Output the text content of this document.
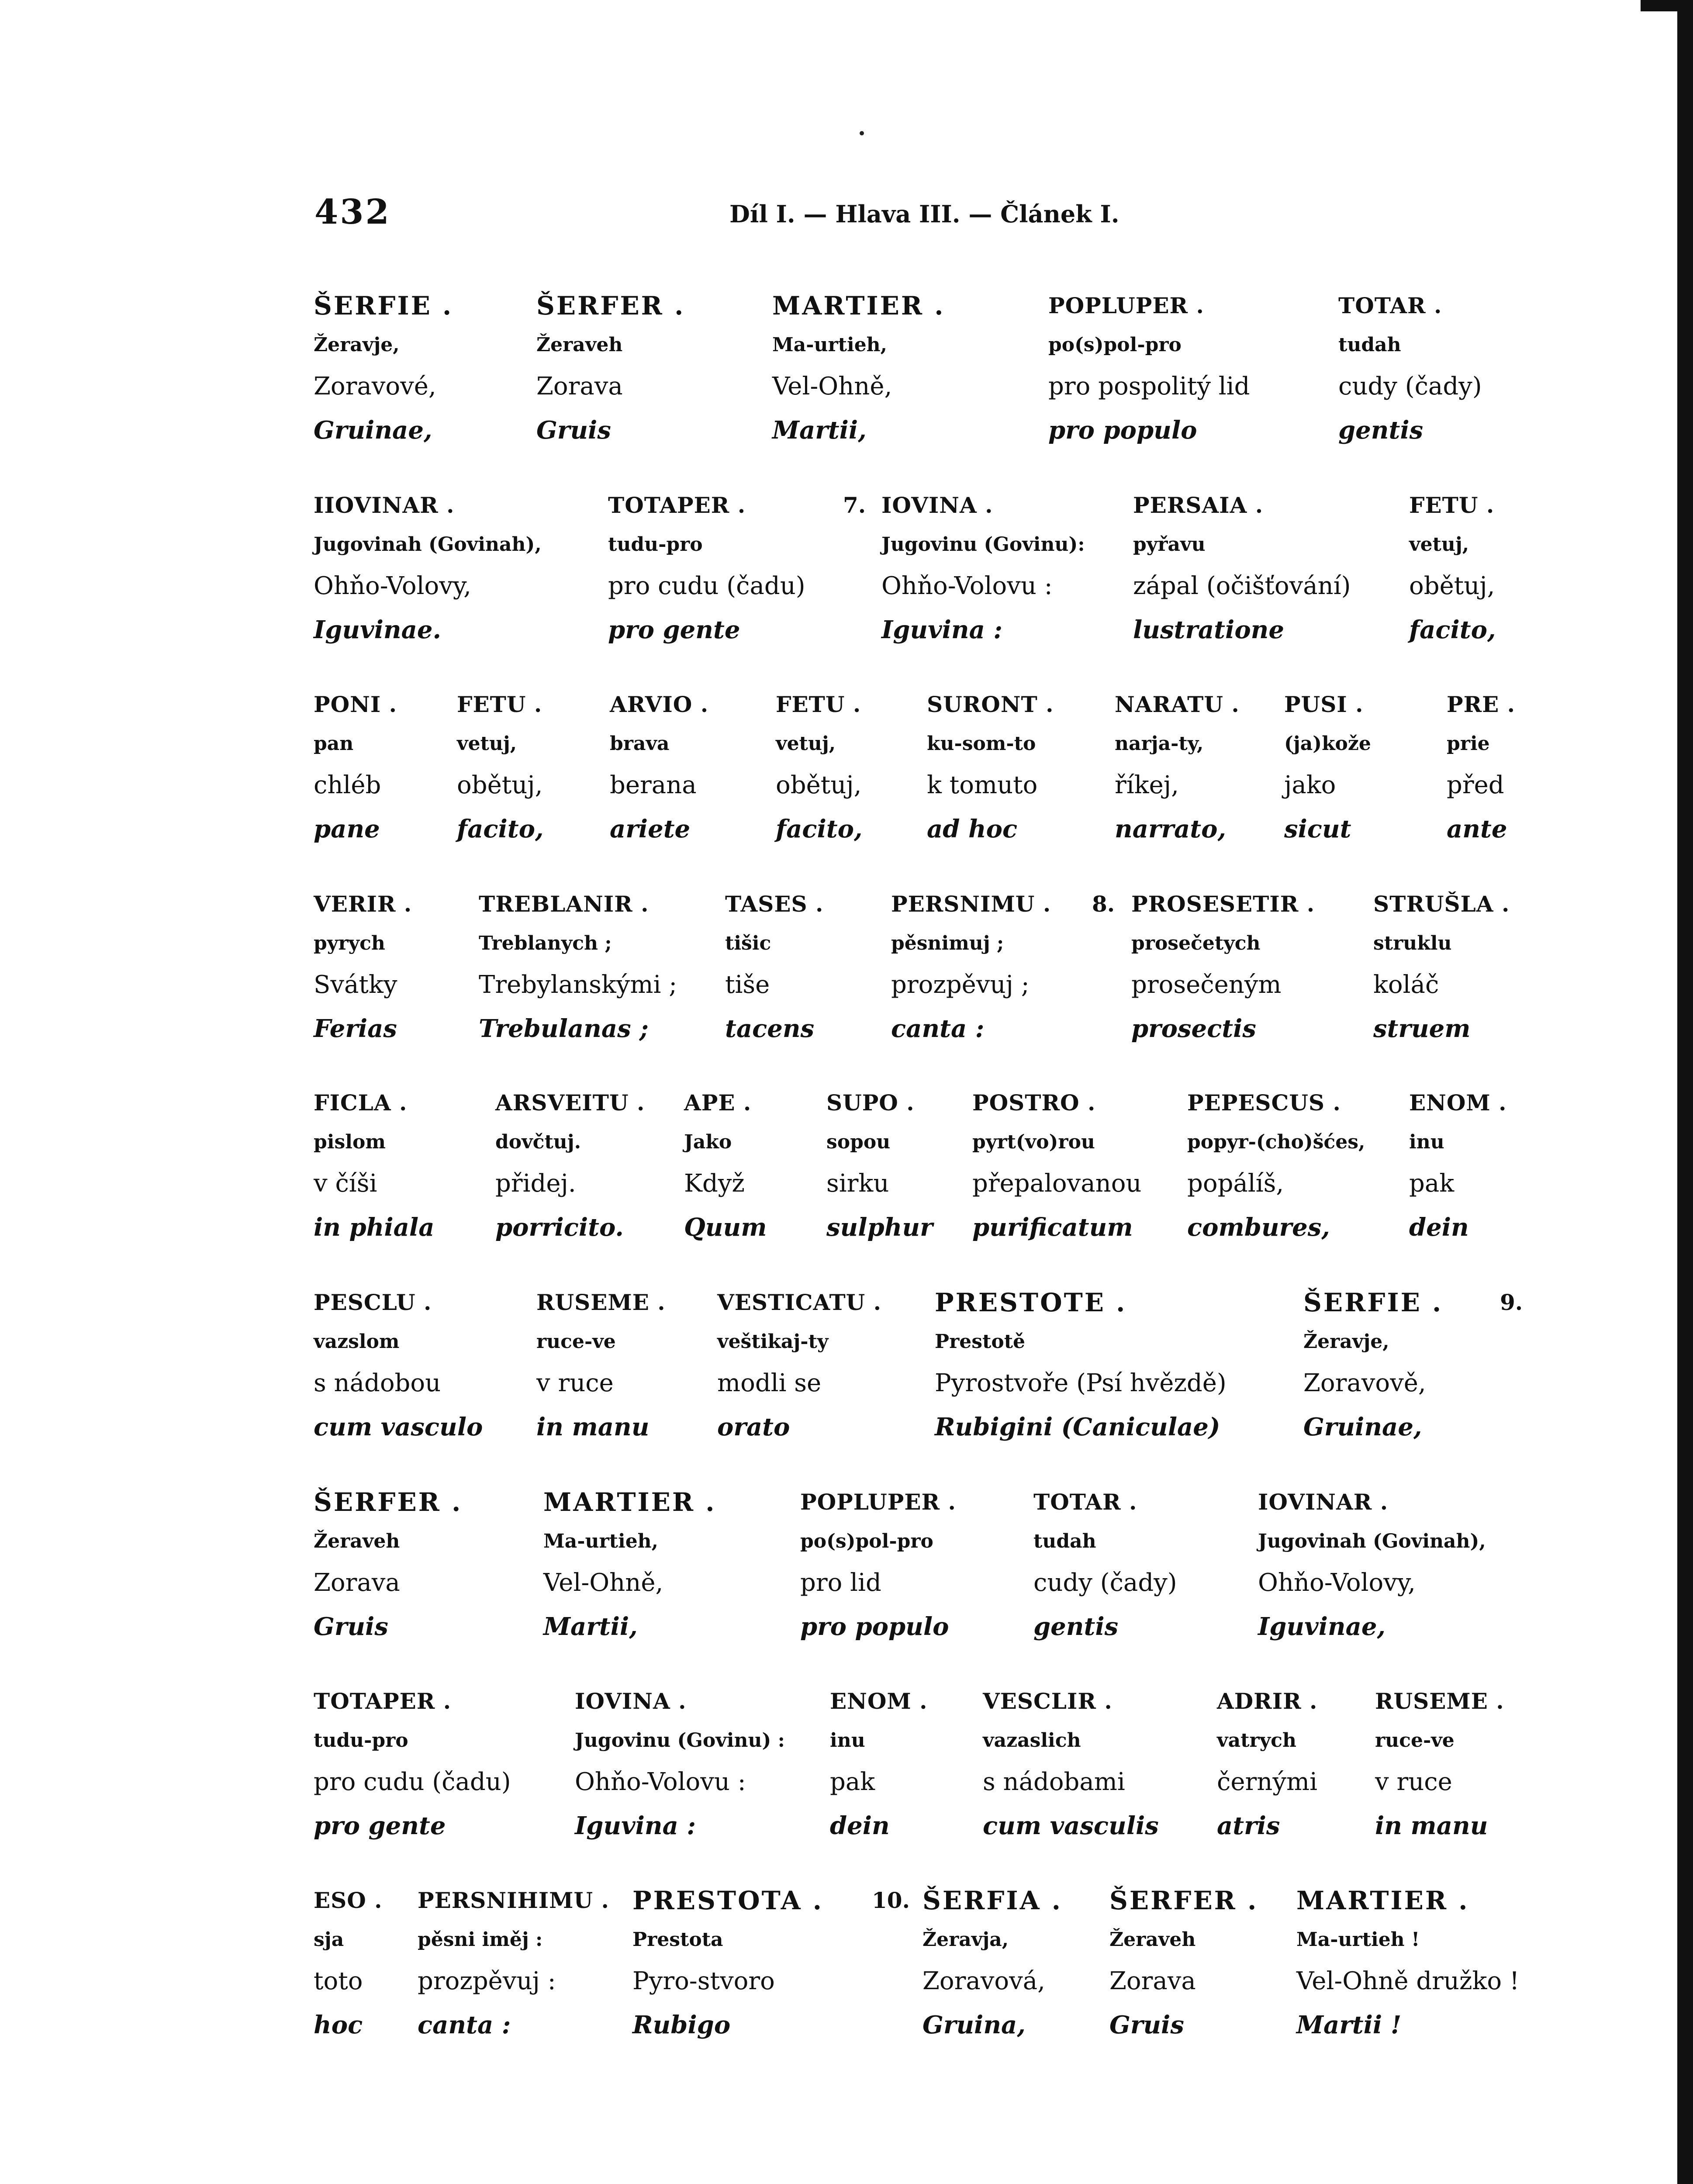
432	Díl I. — Hlava III. — Článek I.
ŠERFIE .
Žeravje,
Zoravové,
Gruinae,
ŠERFER .
Žeraveh
Zorava
Gruis
MARTIER .
Ma-urtieh,
Vel-Ohně,
Martii,
POPLUPER .
po(s)pol-pro
pro pospolitý lid
pro populo
TOTAR .
tudah
cudy (čady)
gentis
7.
IIOVINAR .
Jugovinah (Govinah),
Ohňo-Volovy,
Iguvinae.
TOTAPER .
tudu-pro
pro cudu (čadu)
pro gente
IOVINA .
Jugovinu (Govinu):
Ohňo-Volovu :
Iguvina :
PERSAIA .
pyřavu
zápal (očišťování)
lustratione
FETU .
vetuj,
obětuj,
facito,
PONI .
pan
chléb
pane
FETU .
vetuj,
obětuj,
facito,
ARVIO .
brava
berana
ariete
FETU .
vetuj,
obětuj,
facito,
SURONT .
ku-som-to
k tomuto
ad hoc
NARATU .
narja-ty,
říkej,
narrato,
PUSI .
(ja)kože
jako
sicut
PRE .
prie
před
ante
8.
VERIR .
pyrych
Svátky
Ferias
TREBLANIR .
Treblanych ;
Trebylanskými ;
Trebulanas ;
TASES .
tišic
tiše
tacens
PERSNIMU .
pěsnimuj ;
prozpěvuj ;
canta :
PROSESETIR .
prosečetych
prosečeným
prosectis
STRUŠLA .
struklu
koláč
struem
FICLA .
pislom
v číši
in phiala
ARSVEITU .
dovčtuj.
přidej.
porricito.
APE .
Jako
Když
Quum
SUPO .
sopou
sirku
sulphur
POSTRO .
pyrt(vo)rou
přepalovanou
purificatum
PEPESCUS .
popyr-(cho)šćes,
popálíš,
combures,
ENOM .
inu
pak
dein
9.
PESCLU .
vazslom
s nádobou
cum vasculo
RUSEME .
ruce-ve
v ruce
in manu
VESTICATU .
veštikaj-ty
modli se
orato
PRESTOTE .
Prestotě
Pyrostvoře (Psí hvězdě)
Rubigini (Caniculae)
ŠERFIE .
Žeravje,
Zoravově,
Gruinae,
ŠERFER .
Žeraveh
Zorava
Gruis
MARTIER .
Ma-urtieh,
Vel-Ohně,
Martii,
POPLUPER .
po(s)pol-pro
pro lid
pro populo
TOTAR .
tudah
cudy (čady)
gentis
IOVINAR .
Jugovinah (Govinah),
Ohňo-Volovy,
Iguvinae,
TOTAPER .
tudu-pro
pro cudu (čadu)
pro gente
IOVINA .
Jugovinu (Govinu) :
Ohňo-Volovu :
Iguvina :
ENOM .
inu
pak
dein
VESCLIR .
vazaslich
s nádobami
cum vasculis
ADRIR .
vatrych
černými
atris
RUSEME .
ruce-ve
v ruce
in manu
10.
ESO .
sja
toto
hoc
PERSNIHIMU .
pěsni iměj :
prozpěvuj :
canta :
PRESTOTA .
Prestota
Pyro-stvoro
Rubigo
ŠERFIA .
Žeravja,
Zoravová,
Gruina,
ŠERFER .
Žeraveh
Zorava
Gruis
MARTIER .
Ma-urtieh !
Vel-Ohně družko !
Martii !
